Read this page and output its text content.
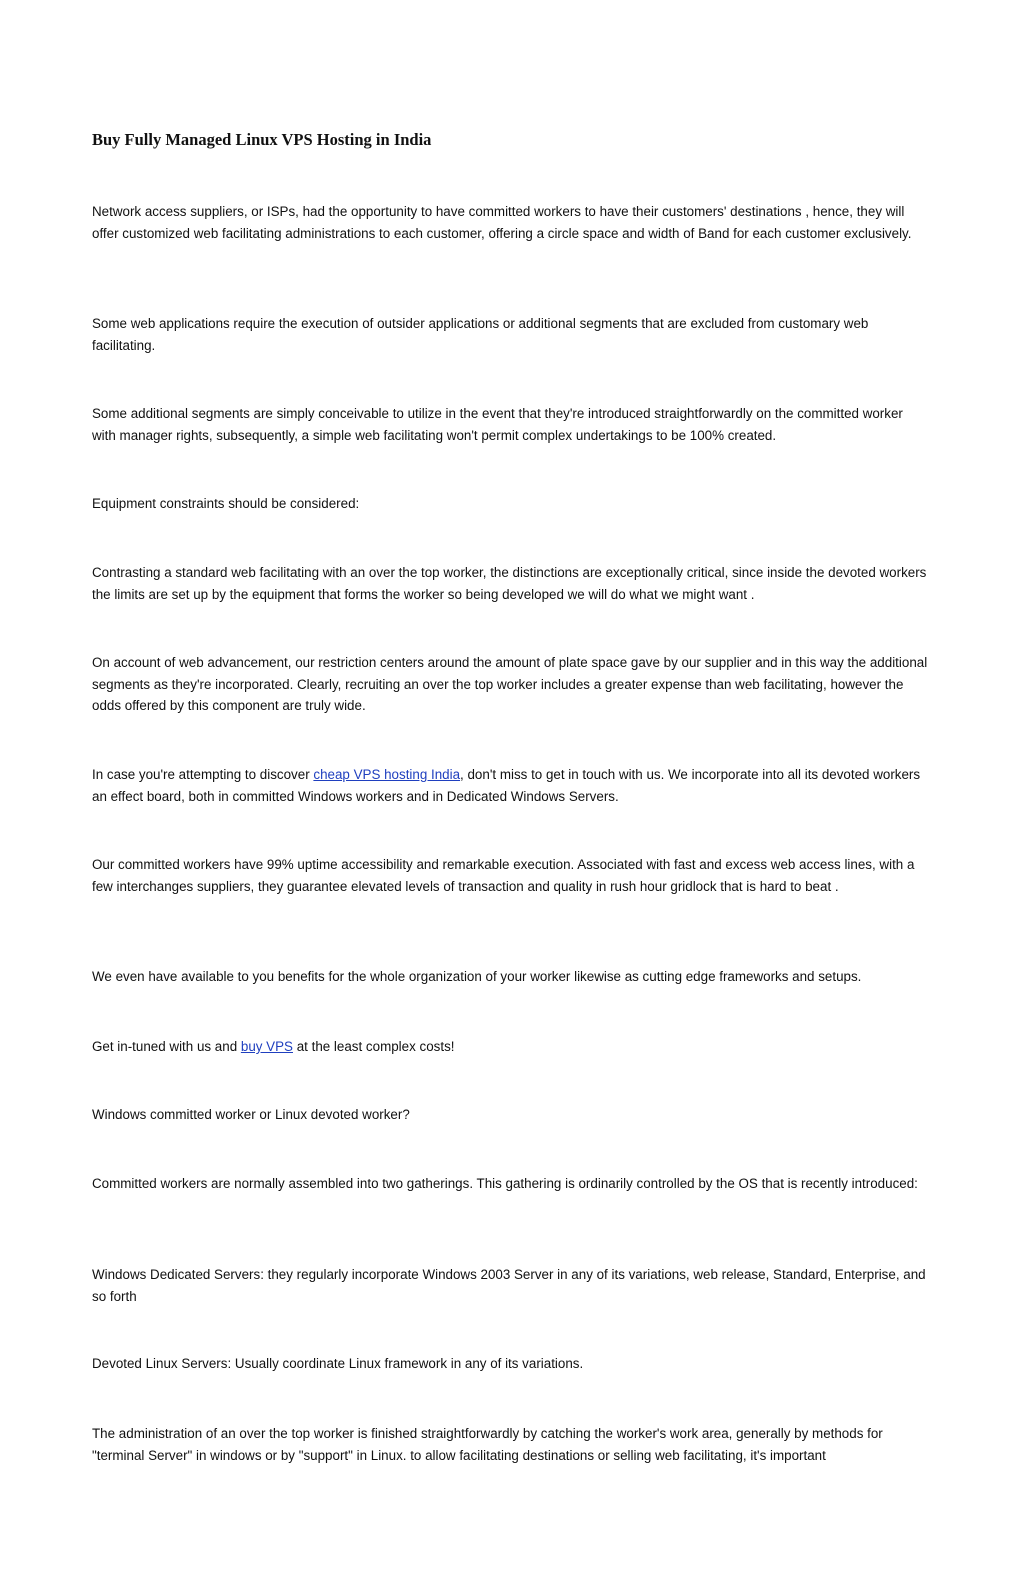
Buy Fully Managed Linux VPS Hosting in India

Network access suppliers, or ISPs, had the opportunity to have committed workers to have their customers' destinations , hence, they will offer customized web facilitating administrations to each customer, offering a circle space and width of Band for each customer exclusively.

Some web applications require the execution of outsider applications or additional segments that are excluded from customary web facilitating.

Some additional segments are simply conceivable to utilize in the event that they're introduced straightforwardly on the committed worker with manager rights, subsequently, a simple web facilitating won't permit complex undertakings to be 100% created.

Equipment constraints should be considered:

Contrasting a standard web facilitating with an over the top worker, the distinctions are exceptionally critical, since inside the devoted workers the limits are set up by the equipment that forms the worker so being developed we will do what we might want .

On account of web advancement, our restriction centers around the amount of plate space gave by our supplier and in this way the additional segments as they're incorporated. Clearly, recruiting an over the top worker includes a greater expense than web facilitating, however the odds offered by this component are truly wide.

In case you're attempting to discover cheap VPS hosting India, don't miss to get in touch with us. We incorporate into all its devoted workers an effect board, both in committed Windows workers and in Dedicated Windows Servers.

Our committed workers have 99% uptime accessibility and remarkable execution. Associated with fast and excess web access lines, with a few interchanges suppliers, they guarantee elevated levels of transaction and quality in rush hour gridlock that is hard to beat .

We even have available to you benefits for the whole organization of your worker likewise as cutting edge frameworks and setups.

Get in-tuned with us and buy VPS at the least complex costs!

Windows committed worker or Linux devoted worker?

Committed workers are normally assembled into two gatherings. This gathering is ordinarily controlled by the OS that is recently introduced:

Windows Dedicated Servers: they regularly incorporate Windows 2003 Server in any of its variations, web release, Standard, Enterprise, and so forth

Devoted Linux Servers: Usually coordinate Linux framework in any of its variations.

The administration of an over the top worker is finished straightforwardly by catching the worker's work area, generally by methods for "terminal Server" in windows or by "support" in Linux. to allow facilitating destinations or selling web facilitating, it's important
